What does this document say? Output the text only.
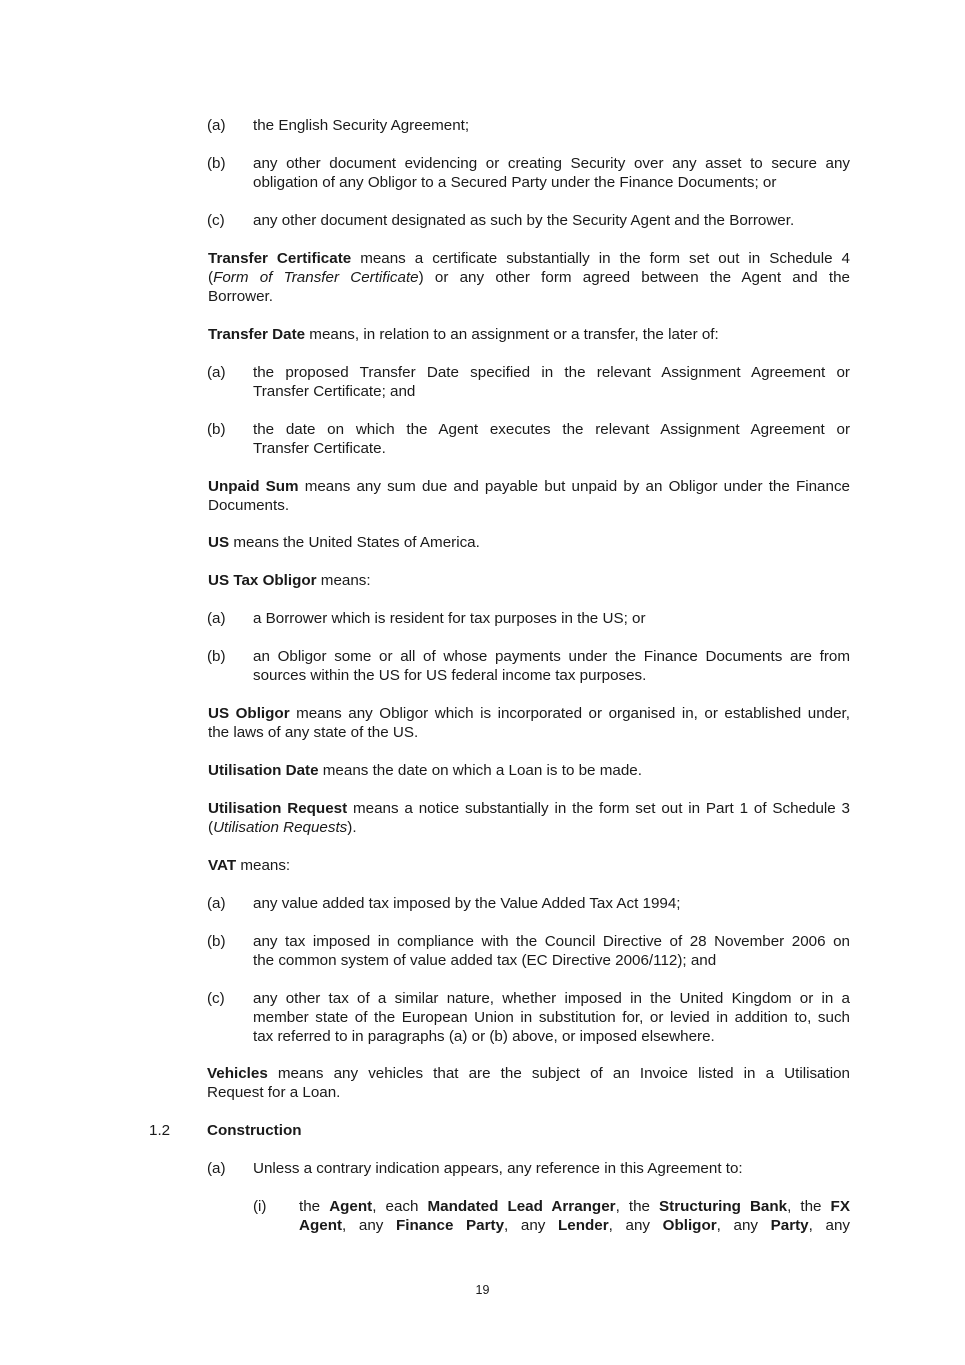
(a) the English Security Agreement;
(b) any other document evidencing or creating Security over any asset to secure any
obligation of any Obligor to a Secured Party under the Finance Documents; or
(c) any other document designated as such by the Security Agent and the Borrower.
Transfer Certificate means a certificate substantially in the form set out in Schedule 4
(Form of Transfer Certificate) or any other form agreed between the Agent and the
Borrower.
Transfer Date means, in relation to an assignment or a transfer, the later of:
(a) the proposed Transfer Date specified in the relevant Assignment Agreement or
Transfer Certificate; and
(b) the date on which the Agent executes the relevant Assignment Agreement or
Transfer Certificate.
Unpaid Sum means any sum due and payable but unpaid by an Obligor under the Finance
Documents.
US means the United States of America.
US Tax Obligor means:
(a) a Borrower which is resident for tax purposes in the US; or
(b) an Obligor some or all of whose payments under the Finance Documents are from
sources within the US for US federal income tax purposes.
US Obligor means any Obligor which is incorporated or organised in, or established under,
the laws of any state of the US.
Utilisation Date means the date on which a Loan is to be made.
Utilisation Request means a notice substantially in the form set out in Part 1 of Schedule 3
(Utilisation Requests).
VAT means:
(a) any value added tax imposed by the Value Added Tax Act 1994;
(b) any tax imposed in compliance with the Council Directive of 28 November 2006 on
the common system of value added tax (EC Directive 2006/112); and
(c) any other tax of a similar nature, whether imposed in the United Kingdom or in a
member state of the European Union in substitution for, or levied in addition to, such
tax referred to in paragraphs (a) or (b) above, or imposed elsewhere.
Vehicles means any vehicles that are the subject of an Invoice listed in a Utilisation
Request for a Loan.
1.2 Construction
(a) Unless a contrary indication appears, any reference in this Agreement to:
(i) the Agent, each Mandated Lead Arranger, the Structuring Bank, the FX
Agent, any Finance Party, any Lender, any Obligor, any Party, any
19
